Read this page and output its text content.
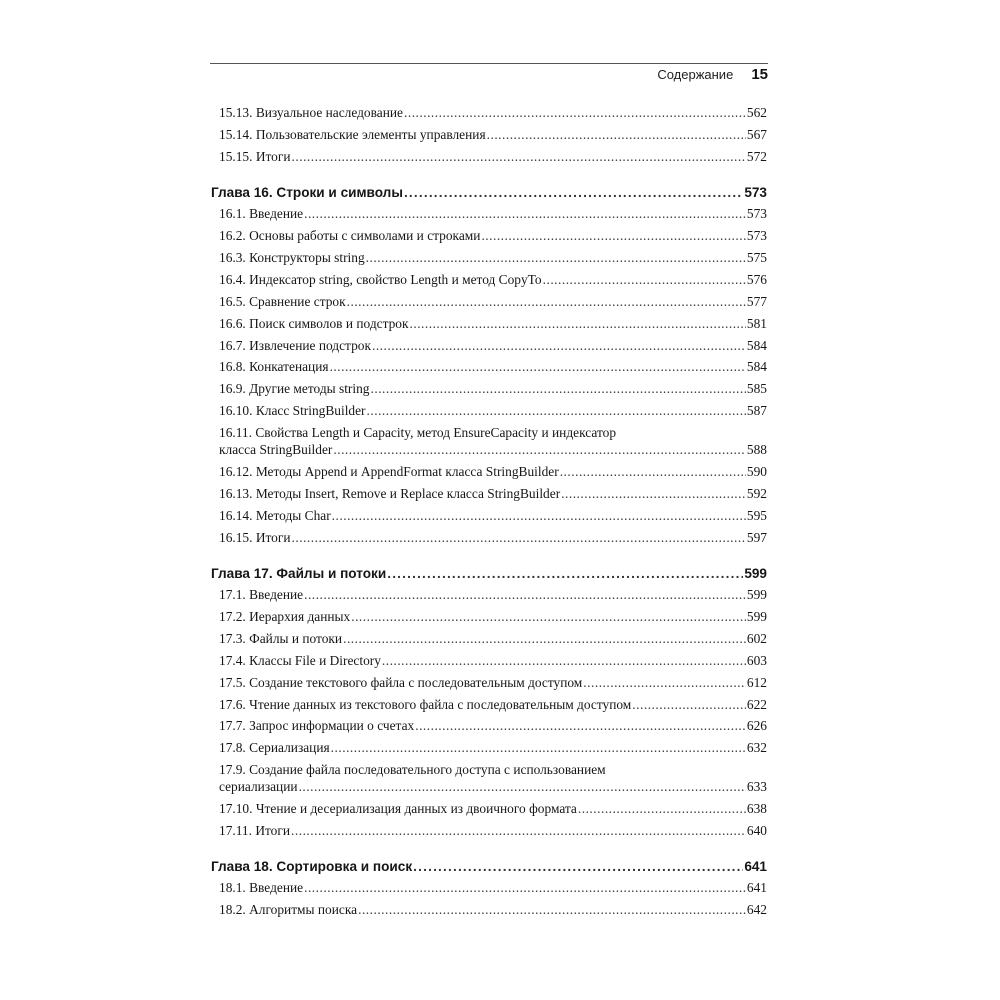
Содержание 15
15.13. Визуальное наследование .....	562
15.14. Пользовательские элементы управления .....	567
15.15. Итоги .....	572
Глава 16. Строки и символы .....	573
16.1. Введение .....	573
16.2. Основы работы с символами и строками .....	573
16.3. Конструкторы string .....	575
16.4. Индексатор string, свойство Length и метод CopyTo .....	576
16.5. Сравнение строк .....	577
16.6. Поиск символов и подстрок .....	581
16.7. Извлечение подстрок .....	584
16.8. Конкатенация .....	584
16.9. Другие методы string .....	585
16.10. Класс StringBuilder .....	587
16.11. Свойства Length и Capacity, метод EnsureCapacity и индексатор
класса StringBuilder .....	588
16.12. Методы Append и AppendFormat класса StringBuilder .....	590
16.13. Методы Insert, Remove и Replace класса StringBuilder .....	592
16.14. Методы Char .....	595
16.15. Итоги .....	597
Глава 17. Файлы и потоки .....	599
17.1. Введение .....	599
17.2. Иерархия данных .....	599
17.3. Файлы и потоки .....	602
17.4. Классы File и Directory .....	603
17.5. Создание текстового файла с последовательным доступом .....	612
17.6. Чтение данных из текстового файла с последовательным доступом .....	622
17.7. Запрос информации о счетах .....	626
17.8. Сериализация .....	632
17.9. Создание файла последовательного доступа с использованием
сериализации .....	633
17.10. Чтение и десериализация данных из двоичного формата .....	638
17.11. Итоги .....	640
Глава 18. Сортировка и поиск .....	641
18.1. Введение .....	641
18.2. Алгоритмы поиска .....	642
